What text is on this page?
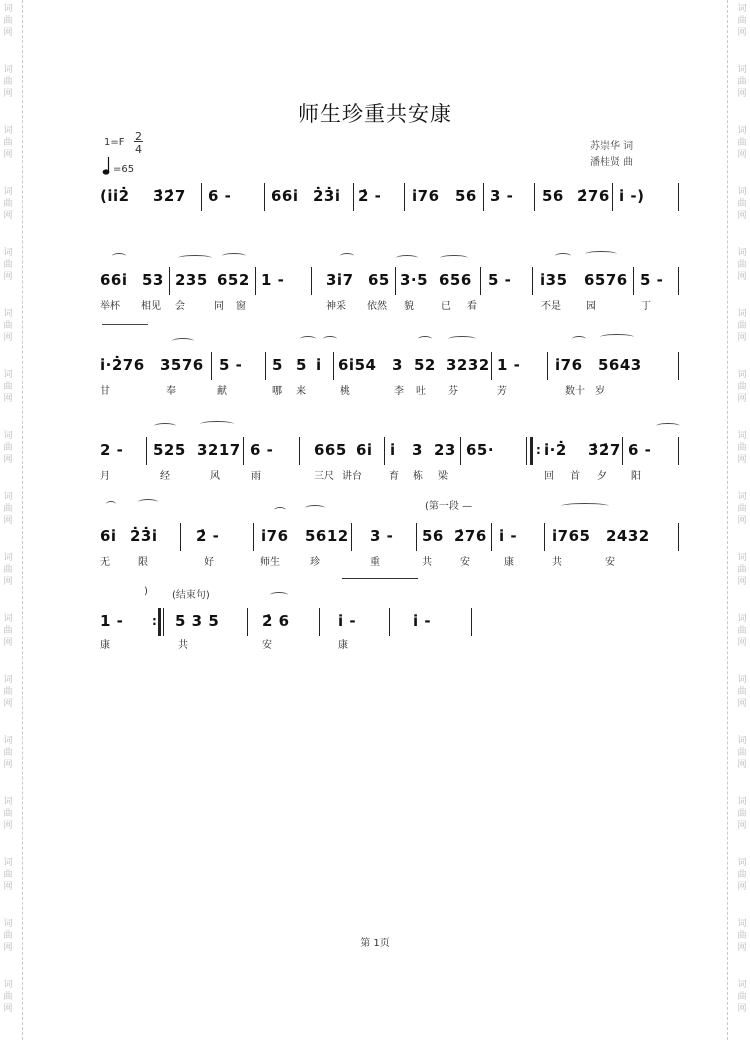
词
曲
网
词
曲
网
词
曲
网
词
曲
网
词
曲
网
词
曲
网
词
曲
网
词
曲
网
词
曲
网
词
曲
网
词
曲
网
词
曲
网
词
曲
网
词
曲
网
词
曲
网
词
曲
网
词
曲
网
词
曲
网
词
曲
网
词
曲
网
词
曲
网
词
曲
网
词
曲
网
词
曲
网
词
曲
网
词
曲
网
词
曲
网
词
曲
网
词
曲
网
词
曲
网
词
曲
网
词
曲
网
词
曲
网
词
曲
网
师生珍重共安康
1=F 2
4
=65
苏崇华 词
潘桂贤 曲
(i̇i̇2̇ 3̇2̇7 6 -	66i̇ 2̇3̇i̇ 2̇ - i̇76 56 3 - 56 2̇76 i̇ -)
66i̇ 53 235 652 1 -	3i̇7 65 3·5 656 5 - i̇35 6576 5 -
举杯 相见 会	同 窗	神采 依然 貌	已 看	不是	园	丁
i̇·2̇76 3576 5 - 5 5 i̇ 6i̇54 3 52 3232 1 - i̇76 5643
甘	奉	献	哪 来	桃	李 吐 芬	芳	数十 岁
2 - 525 3217 6 -	665 6i̇ i̇ 3 23 65·	: i̇·2̇ 3̇2̇7 6 -
月	经	风	雨	三尺 讲台	育 栋 梁	回 首 夕 阳
(第一段 —
6i̇ 2̇3̇i̇	2̇ -	i̇76 5612 3 - 56 2̇76 i̇ - i̇765 2432
无	限	好	师生	珍	重	共	安	康	共	安
) (结束句)
1 - : 5 3 5	2̇ 6	i̇ -	i̇ -
康	共	安	康
第 1页
